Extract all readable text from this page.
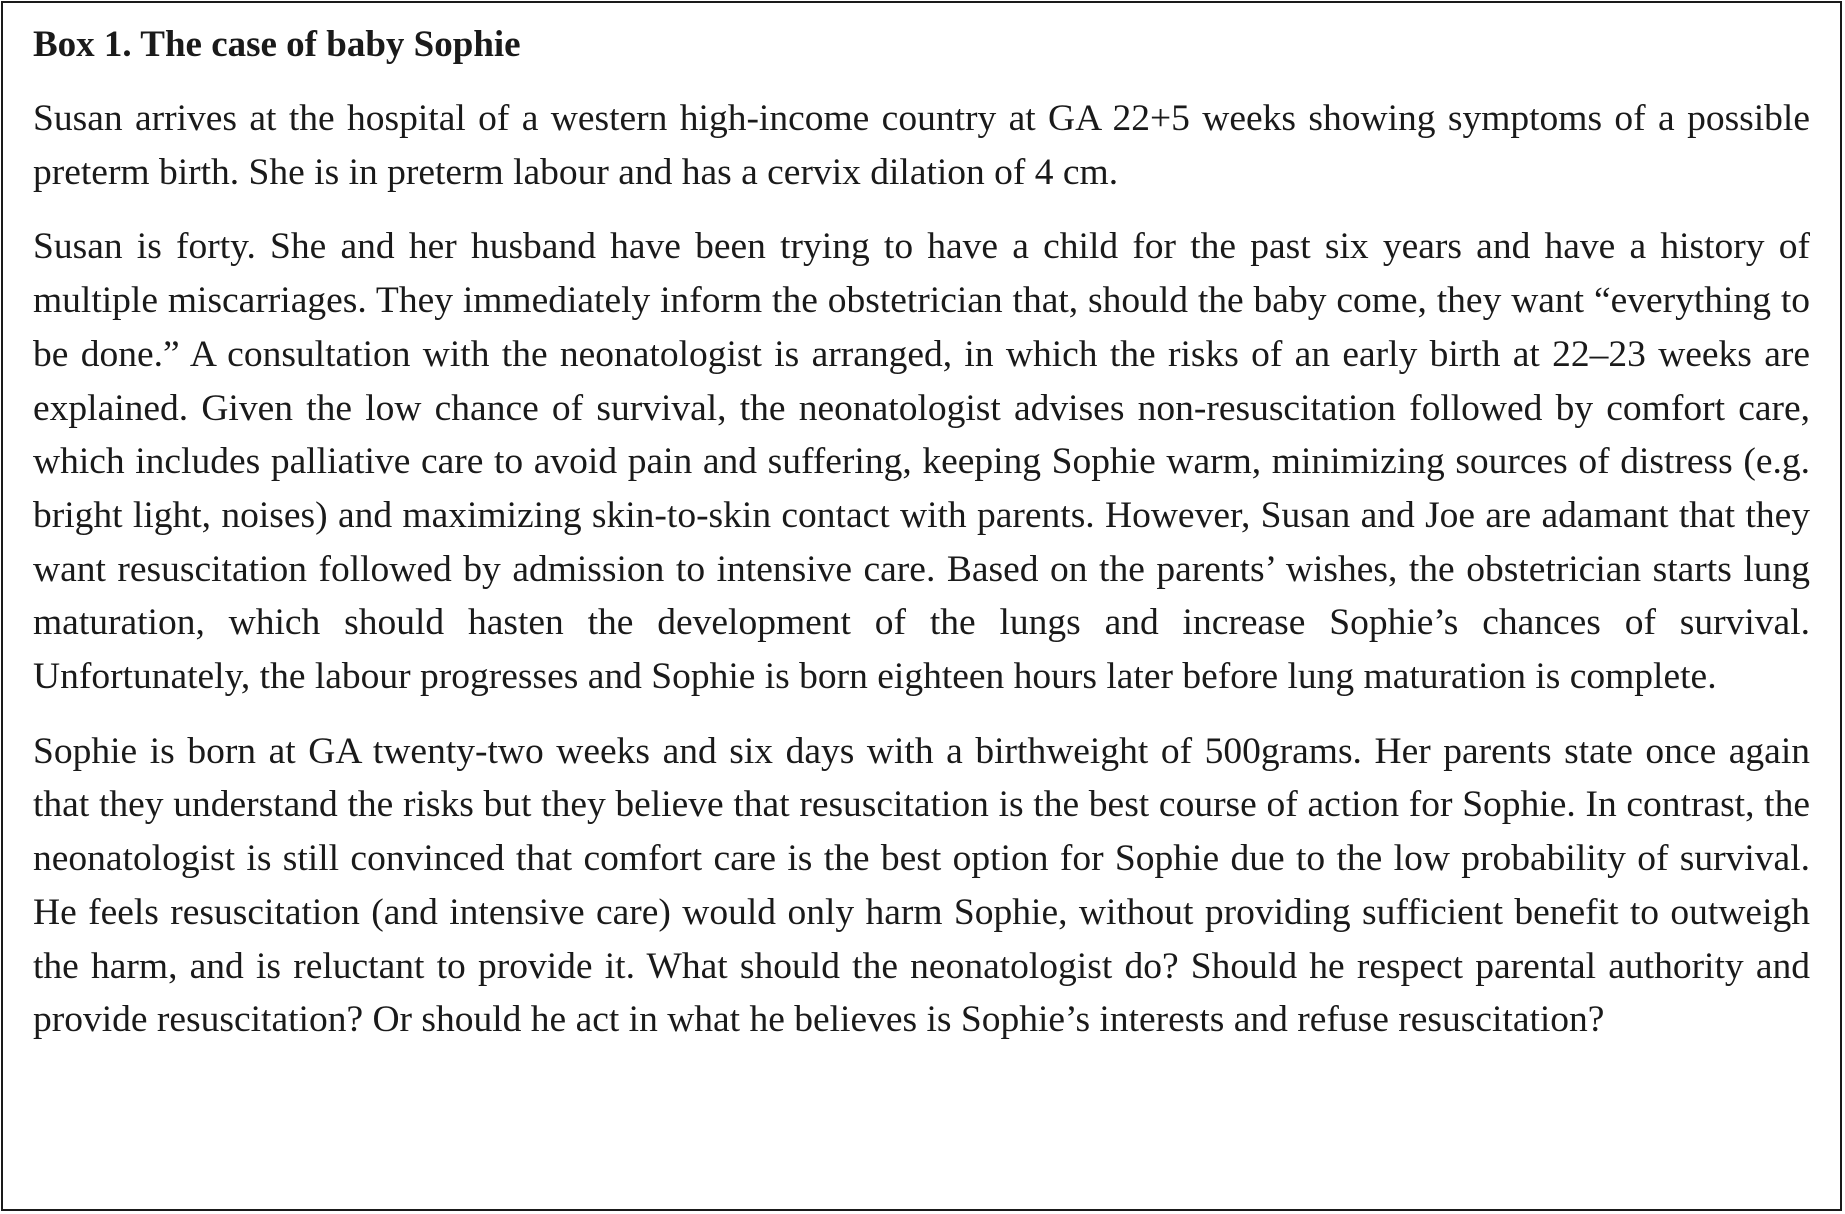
Box 1. The case of baby Sophie

Susan arrives at the hospital of a western high-income country at GA 22+5 weeks showing symptoms of a possible preterm birth. She is in preterm labour and has a cervix dilation of 4 cm.

Susan is forty. She and her husband have been trying to have a child for the past six years and have a history of multiple miscarriages. They immediately inform the obstetrician that, should the baby come, they want “everything to be done.” A consultation with the neonatologist is arranged, in which the risks of an early birth at 22–23 weeks are explained. Given the low chance of survival, the neonatologist advises non-resuscitation followed by comfort care, which includes palliative care to avoid pain and suffering, keeping Sophie warm, minimizing sources of distress (e.g. bright light, noises) and maximizing skin-to-skin contact with parents. However, Susan and Joe are adamant that they want resuscitation followed by admission to intensive care. Based on the parents’ wishes, the obstetrician starts lung maturation, which should hasten the development of the lungs and increase Sophie’s chances of survival. Unfortunately, the labour progresses and Sophie is born eighteen hours later before lung maturation is complete.

Sophie is born at GA twenty-two weeks and six days with a birthweight of 500grams. Her parents state once again that they understand the risks but they believe that resuscitation is the best course of action for Sophie. In contrast, the neonatologist is still convinced that comfort care is the best option for Sophie due to the low probability of survival. He feels resuscitation (and intensive care) would only harm Sophie, without providing sufficient benefit to outweigh the harm, and is reluctant to provide it. What should the neonatologist do? Should he respect parental authority and provide resuscitation? Or should he act in what he believes is Sophie’s interests and refuse resuscitation?
